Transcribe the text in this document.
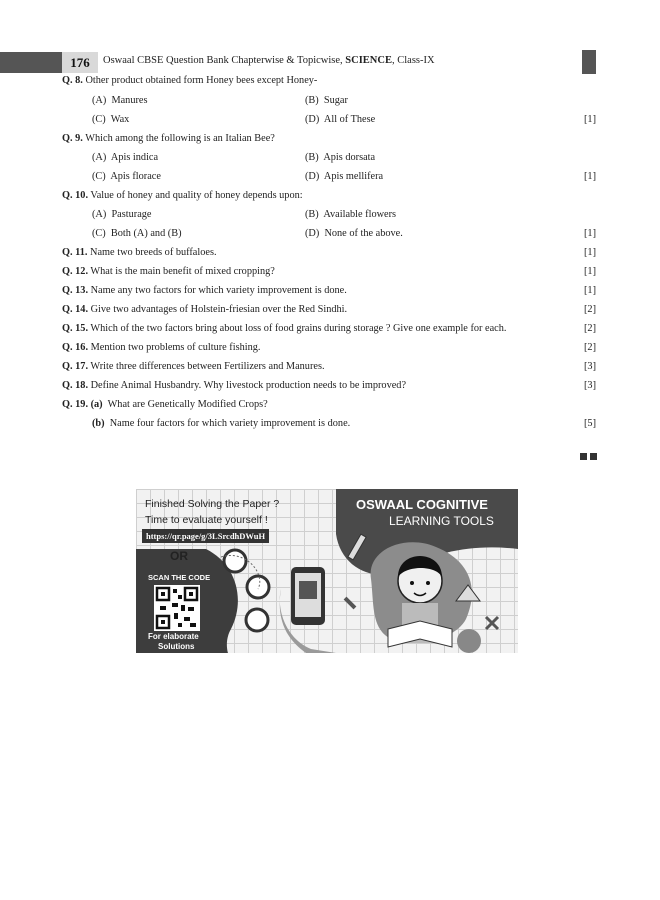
176	Oswaal CBSE Question Bank Chapterwise & Topicwise, SCIENCE, Class-IX
Q. 8. Other product obtained form Honey bees except Honey-
(A) Manures	(B) Sugar
(C) Wax	(D) All of These	[1]
Q. 9. Which among the following is an Italian Bee?
(A) Apis indica	(B) Apis dorsata
(C) Apis florace	(D) Apis mellifera	[1]
Q. 10. Value of honey and quality of honey depends upon:
(A) Pasturage	(B) Available flowers
(C) Both (A) and (B)	(D) None of the above.	[1]
Q. 11. Name two breeds of buffaloes.	[1]
Q. 12. What is the main benefit of mixed cropping?	[1]
Q. 13. Name any two factors for which variety improvement is done.	[1]
Q. 14. Give two advantages of Holstein-friesian over the Red Sindhi.	[2]
Q. 15. Which of the two factors bring about loss of food grains during storage ? Give one example for each.	[2]
Q. 16. Mention two problems of culture fishing.	[2]
Q. 17. Write three differences between Fertilizers and Manures.	[3]
Q. 18. Define Animal Husbandry. Why livestock production needs to be improved?	[3]
Q. 19. (a) What are Genetically Modified Crops?
(b) Name four factors for which variety improvement is done.	[5]
Finished Solving the Paper ?
Time to evaluate yourself !
https://qr.page/g/3LSrcdhDWuH
OR
SCAN THE CODE
For elaborate
Solutions
OSWAAL COGNITIVE
LEARNING TOOLS
